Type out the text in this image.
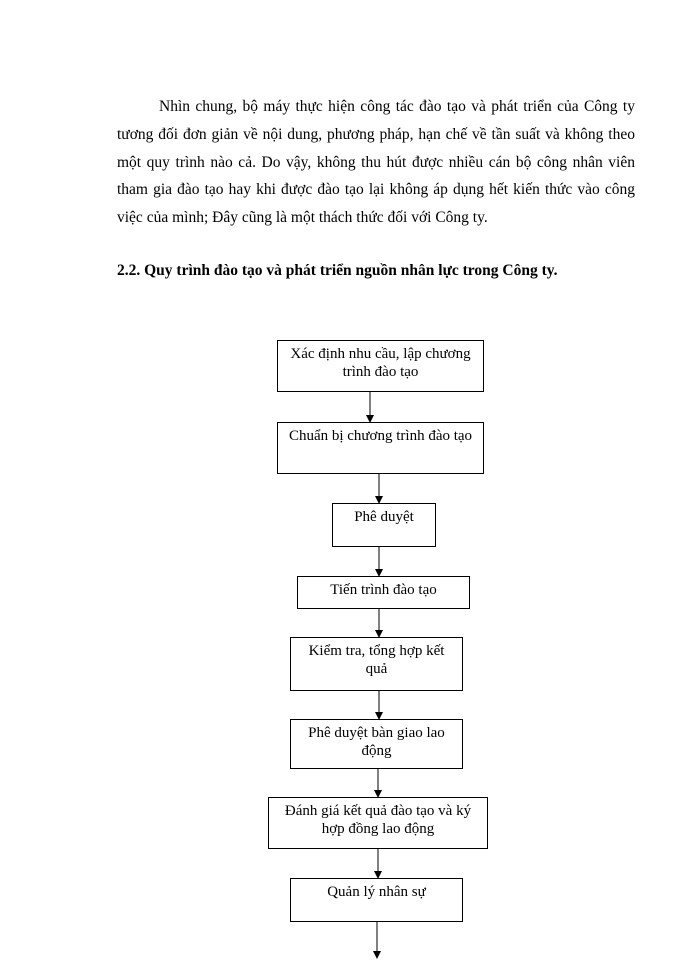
Nhìn chung, bộ máy thực hiện công tác đào tạo và phát triển của Công ty tương đối đơn giản về nội dung, phương pháp, hạn chế về tần suất và không theo một quy trình nào cả. Do vậy, không thu hút được nhiều cán bộ công nhân viên tham gia đào tạo hay khi được đào tạo lại không áp dụng hết kiến thức vào công việc của mình; Đây cũng là một thách thức đối với Công ty.

2.2. Quy trình đào tạo và phát triển nguồn nhân lực trong Công ty.

Xác định nhu cầu, lập chương
trình đào tạo
Chuẩn bị chương trình đào tạo
Phê duyệt
Tiến trình đào tạo
Kiểm tra, tổng hợp kết
quả
Phê duyệt bàn giao lao
động
Đánh giá kết quả đào tạo và ký
hợp đồng lao động
Quản lý nhân sự
